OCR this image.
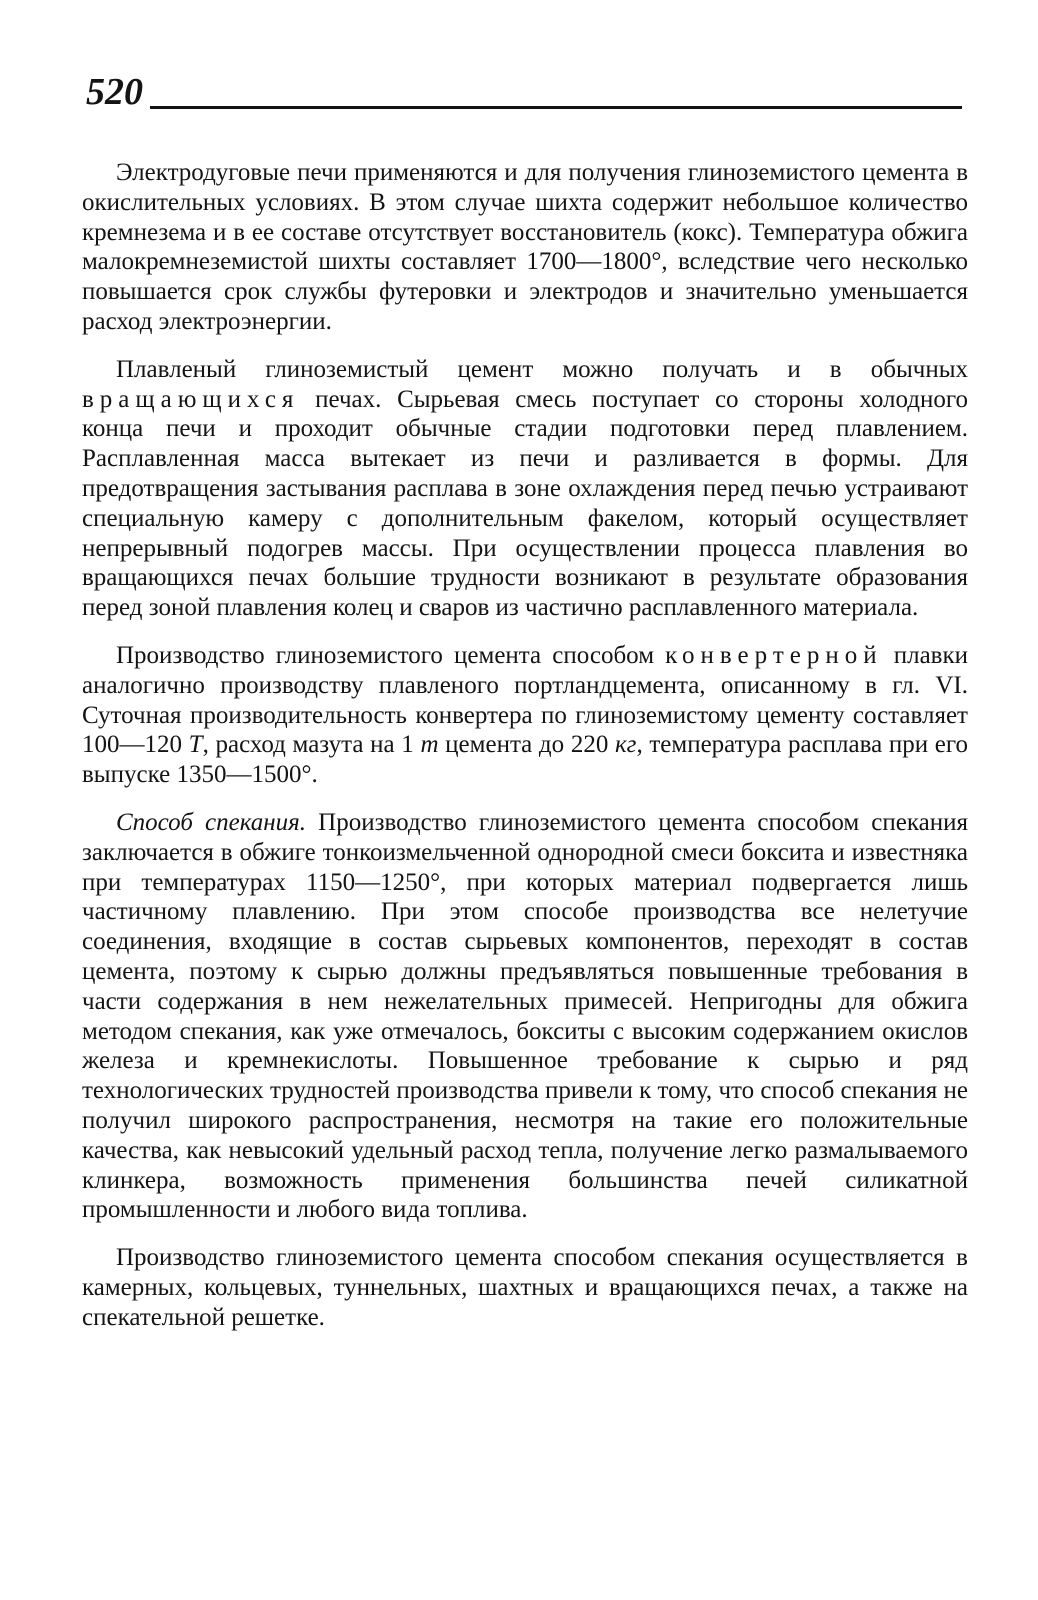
520

Электродуговые печи применяются и для получения глиноземистого цемента в окислительных условиях. В этом случае шихта содержит небольшое количество кремнезема и в ее составе отсутствует восстановитель (кокс). Температура обжига малокремнеземистой шихты составляет 1700—1800°, вследствие чего несколько повышается срок службы футеровки и электродов и значительно уменьшается расход электроэнергии.

Плавленый глиноземистый цемент можно получать и в обычных вращающихся печах. Сырьевая смесь поступает со стороны холодного конца печи и проходит обычные стадии подготовки перед плавлением. Расплавленная масса вытекает из печи и разливается в формы. Для предотвращения застывания расплава в зоне охлаждения перед печью устраивают специальную камеру с дополнительным факелом, который осуществляет непрерывный подогрев массы. При осуществлении процесса плавления во вращающихся печах большие трудности возникают в результате образования перед зоной плавления колец и сваров из частично расплавленного материала.

Производство глиноземистого цемента способом конвертерной плавки аналогично производству плавленого портландцемента, описанному в гл. VI. Суточная производительность конвертера по глиноземистому цементу составляет 100—120 Т, расход мазута на 1 т цемента до 220 кг, температура расплава при его выпуске 1350—1500°.

Способ спекания. Производство глиноземистого цемента способом спекания заключается в обжиге тонкоизмельченной однородной смеси боксита и известняка при температурах 1150—1250°, при которых материал подвергается лишь частичному плавлению. При этом способе производства все нелетучие соединения, входящие в состав сырьевых компонентов, переходят в состав цемента, поэтому к сырью должны предъявляться повышенные требования в части содержания в нем нежелательных примесей. Непригодны для обжига методом спекания, как уже отмечалось, бокситы с высоким содержанием окислов железа и кремнекислоты. Повышенное требование к сырью и ряд технологических трудностей производства привели к тому, что способ спекания не получил широкого распространения, несмотря на такие его положительные качества, как невысокий удельный расход тепла, получение легко размалываемого клинкера, возможность применения большинства печей силикатной промышленности и любого вида топлива.

Производство глиноземистого цемента способом спекания осуществляется в камерных, кольцевых, туннельных, шахтных и вращающихся печах, а также на спекательной решетке.
